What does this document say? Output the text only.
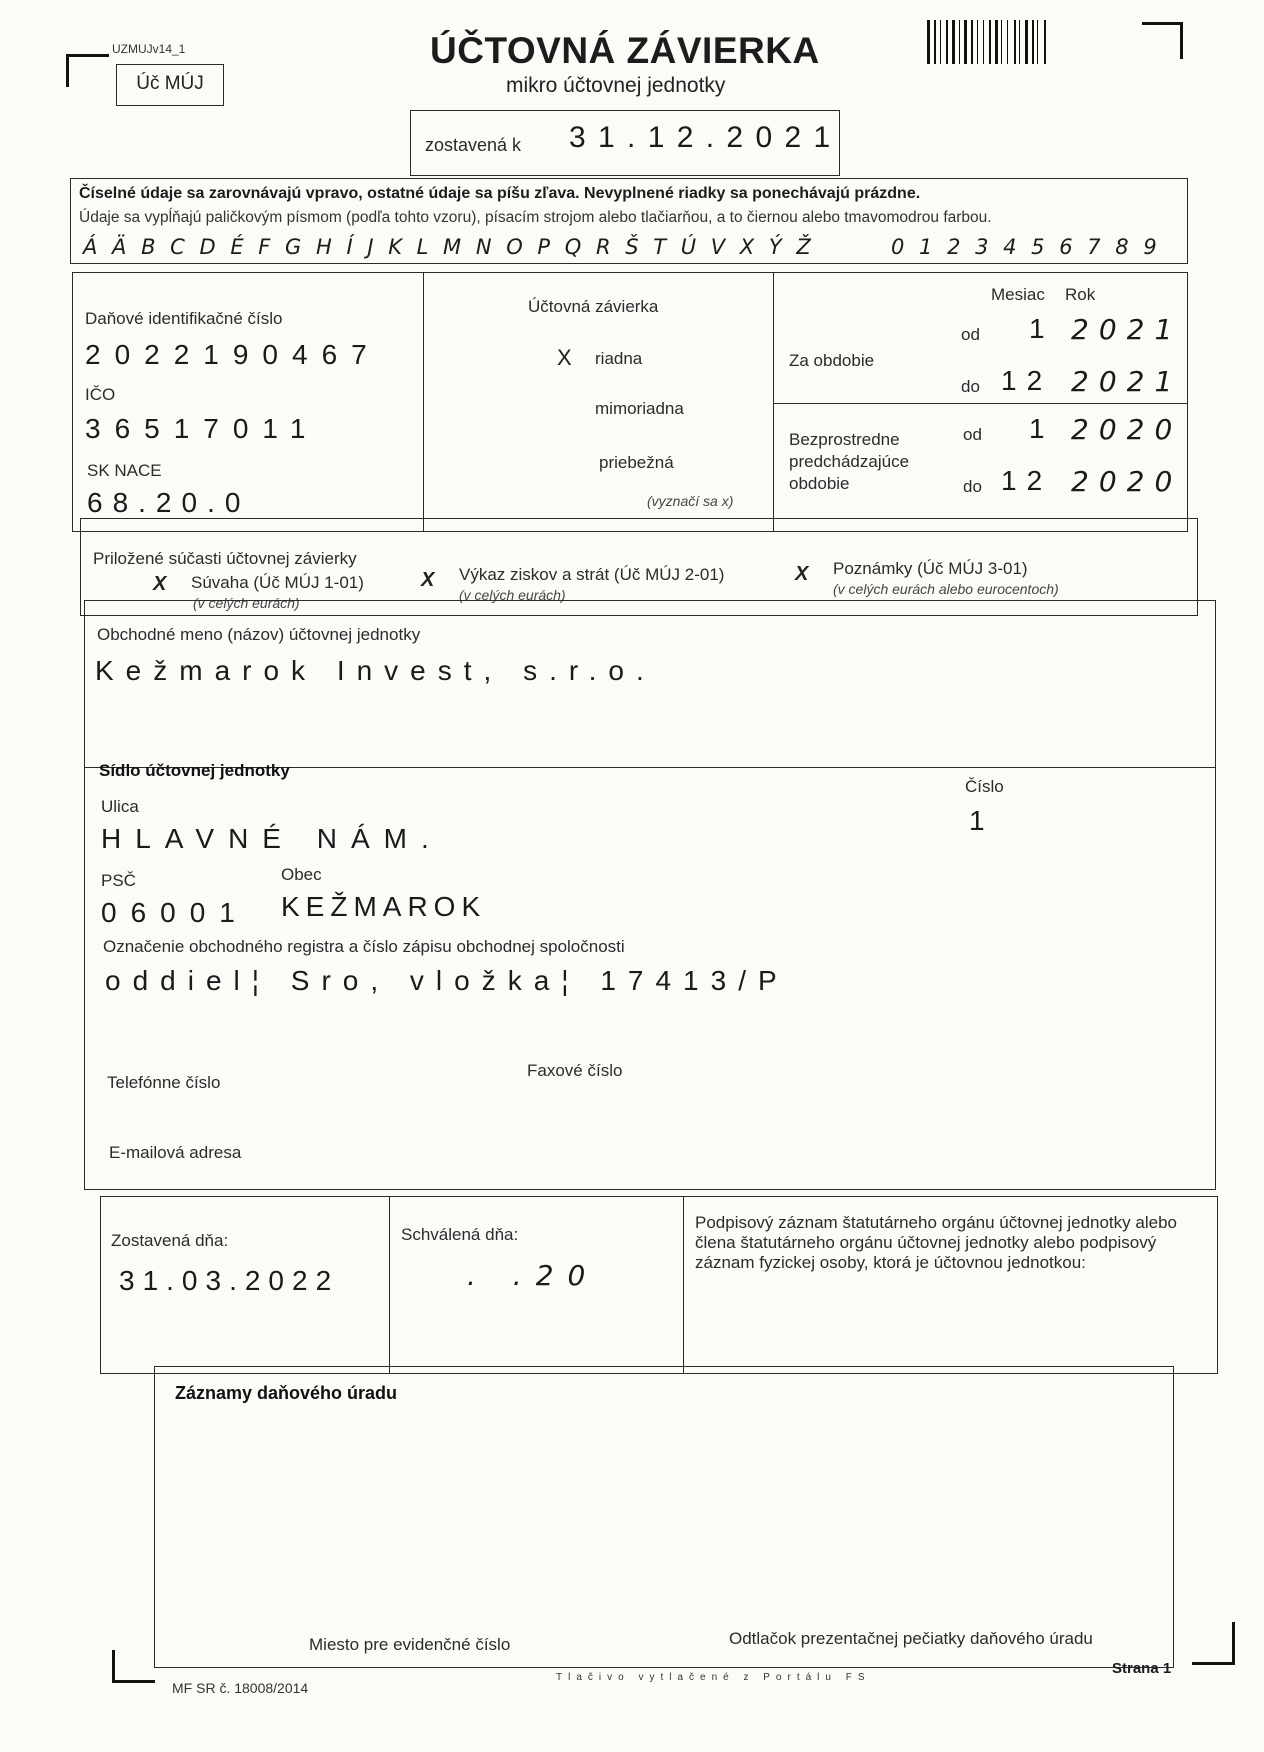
UZMUJv14_1
Úč MÚJ
ÚČTOVNÁ ZÁVIERKA
mikro účtovnej jednotky
zostavená k 3 1 . 1 2 . 2 0 2 1
Číselné údaje sa zarovnávajú vpravo, ostatné údaje sa píšu zľava. Nevyplnené riadky sa ponechávajú prázdne.
Údaje sa vypĺňajú paličkovým písmom (podľa tohto vzoru), písacím strojom alebo tlačiarňou, a to čiernou alebo tmavomodrou farbou.
Á Ä B C D É F G H Í J K L M N O P Q R Š T Ú V X Ý Ž	0 1 2 3 4 5 6 7 8 9
Daňové identifikačné číslo
2022190467
IČO
36517011
SK NACE
68.20.0
Účtovná závierka
X riadna
mimoriadna
priebežná
(vyznačí sa x)
Mesiac Rok
Za obdobie
od 1 2021
do 12 2021
Bezprostredne predchádzajúce obdobie
od 1 2020
do 12 2020
Priložené súčasti účtovnej závierky
X Súvaha (Úč MÚJ 1-01)
(v celých eurách)
X Výkaz ziskov a strát (Úč MÚJ 2-01)
(v celých eurách)
X Poznámky (Úč MÚJ 3-01)
(v celých eurách alebo eurocentoch)
Obchodné meno (názov) účtovnej jednotky
Kežmarok Invest, s.r.o.
Sídlo účtovnej jednotky
Ulica
HLAVNÉ NÁM.
Číslo
1
PSČ
06001
Obec
KEŽMAROK
Označenie obchodného registra a číslo zápisu obchodnej spoločnosti
oddiel¦ Sro, vložka¦ 17413/P
Telefónne číslo
Faxové číslo
E-mailová adresa
Zostavená dňa:
31.03.2022
Schválená dňa:
. .20
Podpisový záznam štatutárneho orgánu účtovnej jednotky alebo člena štatutárneho orgánu účtovnej jednotky alebo podpisový záznam fyzickej osoby, ktorá je účtovnou jednotkou:
Záznamy daňového úradu
Miesto pre evidenčné číslo	Odtlačok prezentačnej pečiatky daňového úradu
MF SR č. 18008/2014
Tlačivo vytlačené z Portálu FS
Strana 1
